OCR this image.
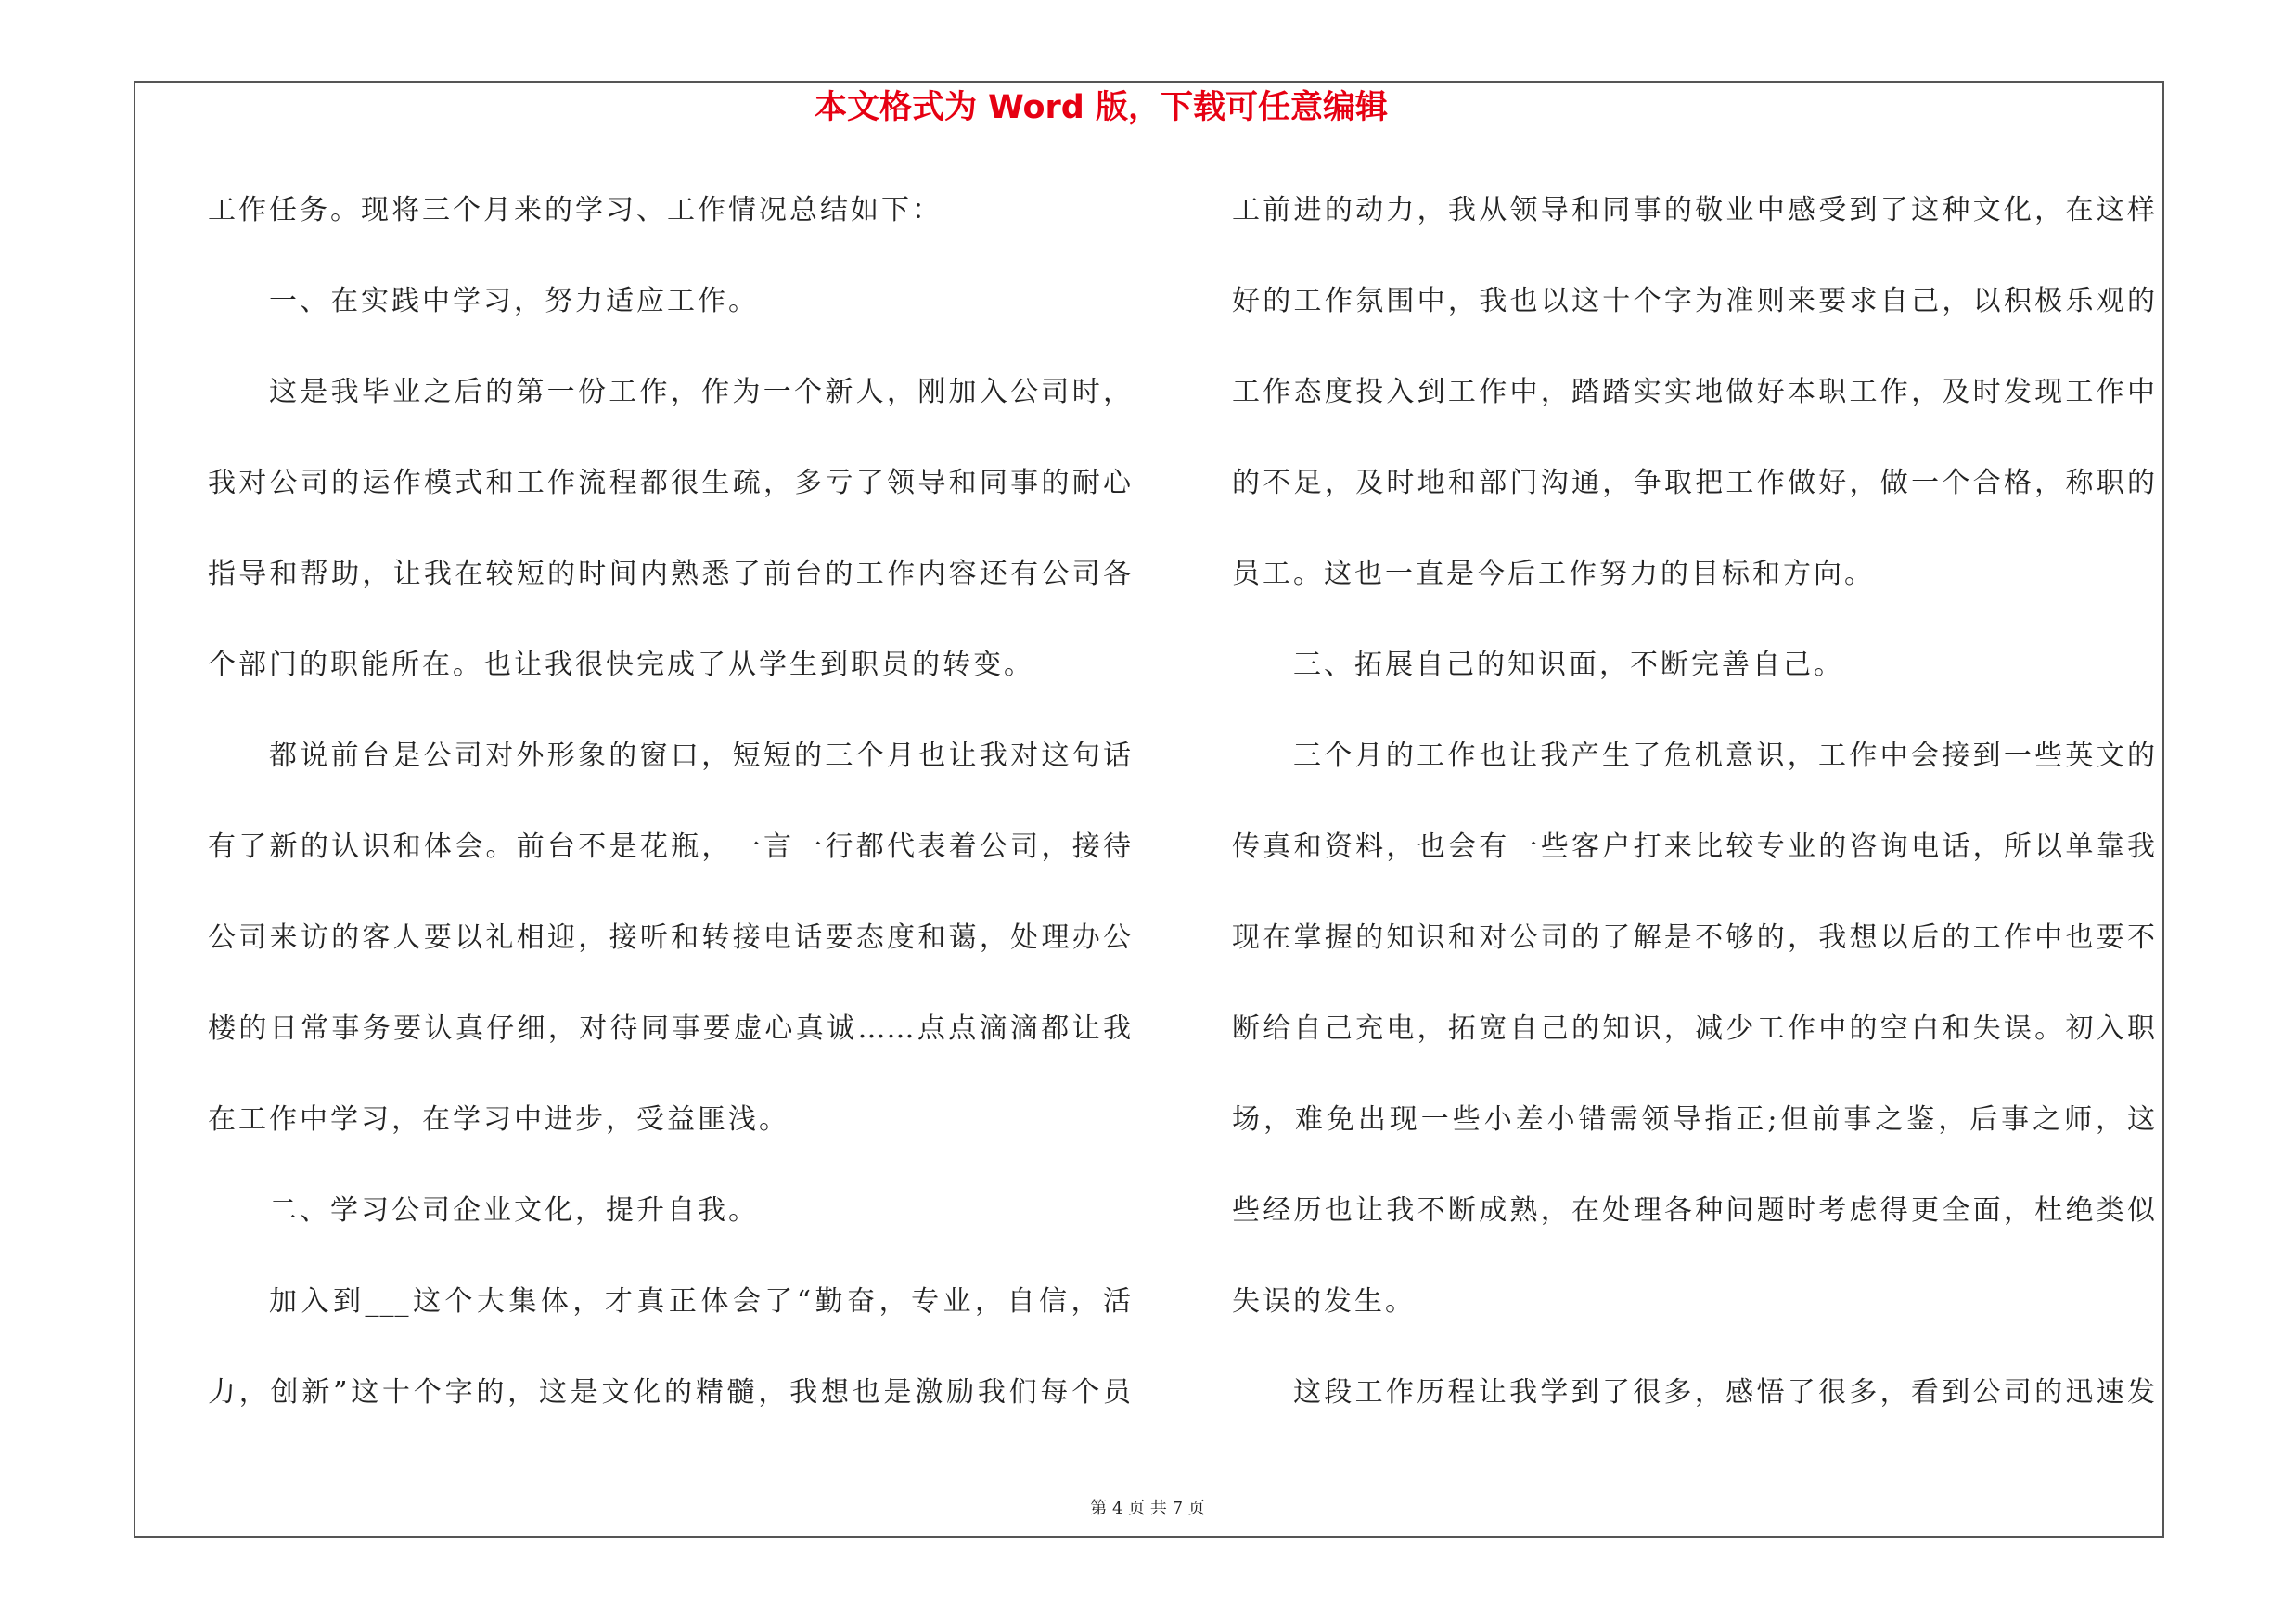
本文格式为 Word 版，下载可任意编辑
工作任务。现将三个月来的学习、工作情况总结如下：
一、在实践中学习，努力适应工作。
这是我毕业之后的第一份工作，作为一个新人，刚加入公司时，
我对公司的运作模式和工作流程都很生疏，多亏了领导和同事的耐心
指导和帮助，让我在较短的时间内熟悉了前台的工作内容还有公司各
个部门的职能所在。也让我很快完成了从学生到职员的转变。
都说前台是公司对外形象的窗口，短短的三个月也让我对这句话
有了新的认识和体会。前台不是花瓶，一言一行都代表着公司，接待
公司来访的客人要以礼相迎，接听和转接电话要态度和蔼，处理办公
楼的日常事务要认真仔细，对待同事要虚心真诚……点点滴滴都让我
在工作中学习，在学习中进步，受益匪浅。
二、学习公司企业文化，提升自我。
加入到___这个大集体，才真正体会了“勤奋，专业，自信，活
力，创新”这十个字的，这是文化的精髓，我想也是激励我们每个员
工前进的动力，我从领导和同事的敬业中感受到了这种文化，在这样
好的工作氛围中，我也以这十个字为准则来要求自己，以积极乐观的
工作态度投入到工作中，踏踏实实地做好本职工作，及时发现工作中
的不足，及时地和部门沟通，争取把工作做好，做一个合格，称职的
员工。这也一直是今后工作努力的目标和方向。
三、拓展自己的知识面，不断完善自己。
三个月的工作也让我产生了危机意识，工作中会接到一些英文的
传真和资料，也会有一些客户打来比较专业的咨询电话，所以单靠我
现在掌握的知识和对公司的了解是不够的，我想以后的工作中也要不
断给自己充电，拓宽自己的知识，减少工作中的空白和失误。初入职
场，难免出现一些小差小错需领导指正;但前事之鉴，后事之师，这
些经历也让我不断成熟，在处理各种问题时考虑得更全面，杜绝类似
失误的发生。
这段工作历程让我学到了很多，感悟了很多，看到公司的迅速发
第 4 页 共 7 页
